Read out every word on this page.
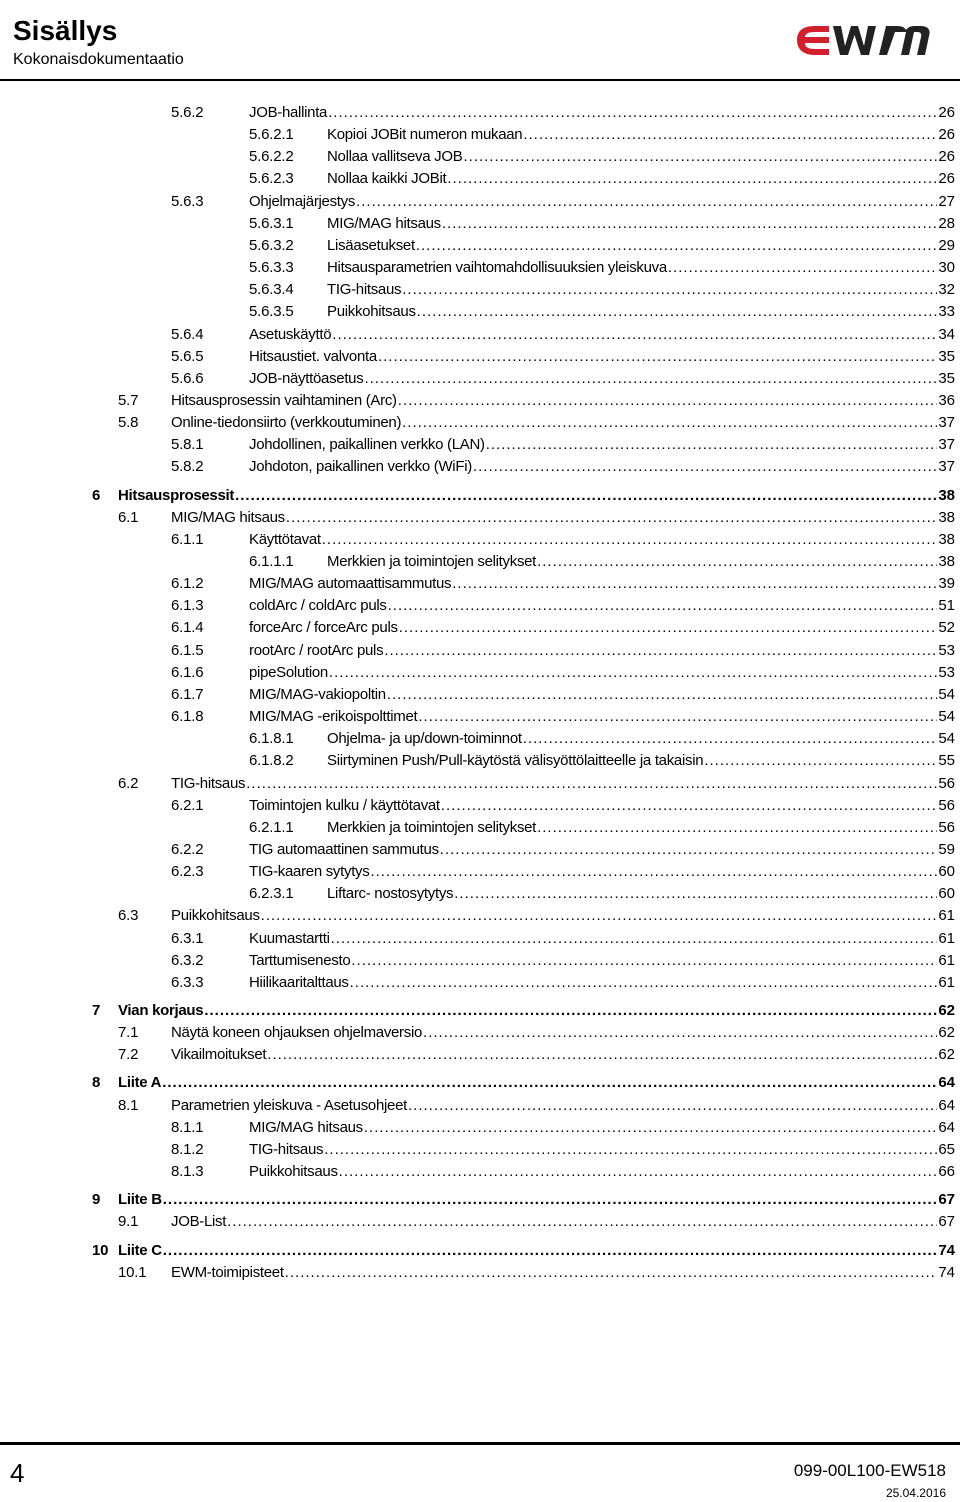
Sisällys
Kokonaisdokumentaatio
5.6.2	JOB-hallinta .....	26
5.6.2.1 Kopioi JOBit numeron mukaan .....	26
5.6.2.2 Nollaa vallitseva JOB .....	26
5.6.2.3 Nollaa kaikki JOBit .....	26
5.6.3	Ohjelmajärjestys .....	27
5.6.3.1 MIG/MAG hitsaus .....	28
5.6.3.2 Lisäasetukset .....	29
5.6.3.3 Hitsausparametrien vaihtomahdollisuuksien yleiskuva .....	30
5.6.3.4 TIG-hitsaus .....	32
5.6.3.5 Puikkohitsaus .....	33
5.6.4	Asetuskäyttö .....	34
5.6.5	Hitsaustiet. valvonta .....	35
5.6.6	JOB-näyttöasetus .....	35
5.7 Hitsausprosessin vaihtaminen (Arc) .....	36
5.8 Online-tiedonsiirto (verkkoutuminen) .....	37
5.8.1	Johdollinen, paikallinen verkko (LAN) .....	37
5.8.2	Johdoton, paikallinen verkko (WiFi) .....	37
6 Hitsausprosessit .....	38
6.1 MIG/MAG hitsaus .....	38
6.1.1	Käyttötavat .....	38
6.1.1.1 Merkkien ja toimintojen selitykset .....	38
6.1.2	MIG/MAG automaattisammutus .....	39
6.1.3	coldArc / coldArc puls .....	51
6.1.4	forceArc / forceArc puls .....	52
6.1.5	rootArc / rootArc puls .....	53
6.1.6	pipeSolution .....	53
6.1.7	MIG/MAG-vakiopoltin .....	54
6.1.8	MIG/MAG -erikoispolttimet .....	54
6.1.8.1 Ohjelma- ja up/down-toiminnot .....	54
6.1.8.2 Siirtyminen Push/Pull-käytöstä välisyöttölaitteelle ja takaisin .....	55
6.2 TIG-hitsaus .....	56
6.2.1	Toimintojen kulku / käyttötavat .....	56
6.2.1.1 Merkkien ja toimintojen selitykset .....	56
6.2.2	TIG automaattinen sammutus .....	59
6.2.3	TIG-kaaren sytytys .....	60
6.2.3.1 Liftarc- nostosytytys .....	60
6.3 Puikkohitsaus .....	61
6.3.1	Kuumastartti .....	61
6.3.2	Tarttumisenesto .....	61
6.3.3	Hiilikaaritalttaus .....	61
7 Vian korjaus .....	62
7.1 Näytä koneen ohjauksen ohjelmaversio .....	62
7.2 Vikailmoitukset .....	62
8 Liite A .....	64
8.1 Parametrien yleiskuva - Asetusohjeet .....	64
8.1.1	MIG/MAG hitsaus .....	64
8.1.2	TIG-hitsaus .....	65
8.1.3	Puikkohitsaus .....	66
9 Liite B .....	67
9.1 JOB-List .....	67
10 Liite C .....	74
10.1 EWM-toimipisteet .....	74
4	099-00L100-EW518
25.04.2016
